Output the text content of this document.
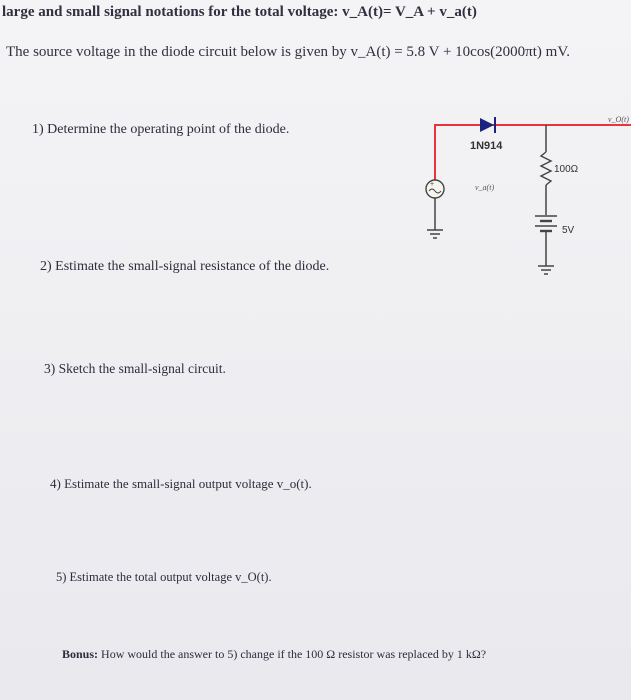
large and small signal notations for the total voltage: v_A(t)= V_A + v_a(t)
The source voltage in the diode circuit below is given by v_A(t) = 5.8 V + 10cos(2000πt) mV.
1) Determine the operating point of the diode.
2) Estimate the small-signal resistance of the diode.
3) Sketch the small-signal circuit.
4) Estimate the small-signal output voltage v_o(t).
5) Estimate the total output voltage v_O(t).
Bonus: How would the answer to 5) change if the 100 Ω resistor was replaced by 1 kΩ?
+
1N914
v_a(t)
100Ω
5V
v_O(t)
